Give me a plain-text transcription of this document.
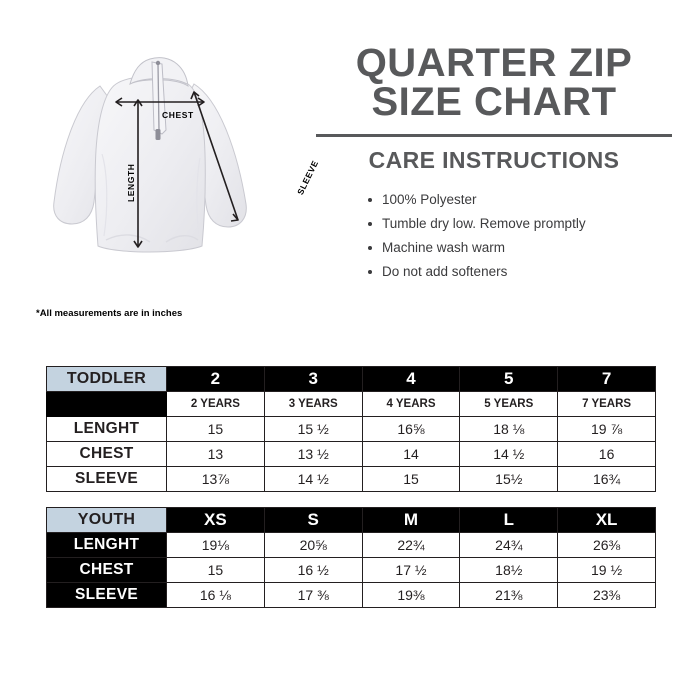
CHEST
LENGTH	SLEEVE
*All measurements are in inches
QUARTER ZIP
SIZE CHART
CARE INSTRUCTIONS
100% Polyester
Tumble dry low. Remove promptly
Machine wash warm
Do not add softeners
TODDLER	2	3	4	5	7
	2 YEARS	3 YEARS	4 YEARS	5 YEARS	7 YEARS
LENGHT	15	15 ½	16⅝	18 ⅛	19 ⅞
CHEST	13	13 ½	14	14 ½	16
SLEEVE	13⅞	14 ½	15	15½	16¾
YOUTH	XS	S	M	L	XL
LENGHT	19⅛	20⅝	22¾	24¾	26⅜
CHEST	15	16 ½	17 ½	18½	19 ½
SLEEVE	16 ⅛	17 ⅜	19⅜	21⅜	23⅜
